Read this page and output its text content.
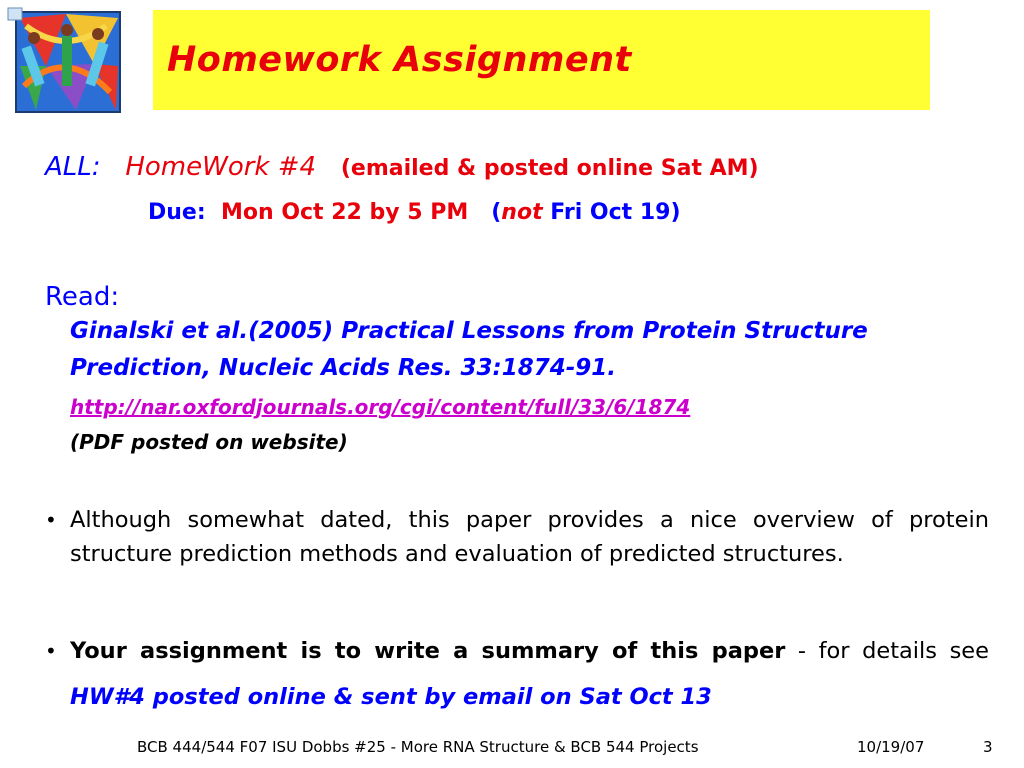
Homework Assignment
ALL: HomeWork #4 (emailed & posted online Sat AM)
Due: Mon Oct 22 by 5 PM (not Fri Oct 19)
Read:
Ginalski et al.(2005) Practical Lessons from Protein Structure
Prediction, Nucleic Acids Res. 33:1874-91.
http://nar.oxfordjournals.org/cgi/content/full/33/6/1874
(PDF posted on website)
• Although somewhat dated, this paper provides a nice overview of protein structure prediction methods and evaluation of predicted structures.
• Your assignment is to write a summary of this paper - for details see HW#4 posted online & sent by email on Sat Oct 13
BCB 444/544 F07 ISU Dobbs #25 - More RNA Structure & BCB 544 Projects	10/19/07	3
